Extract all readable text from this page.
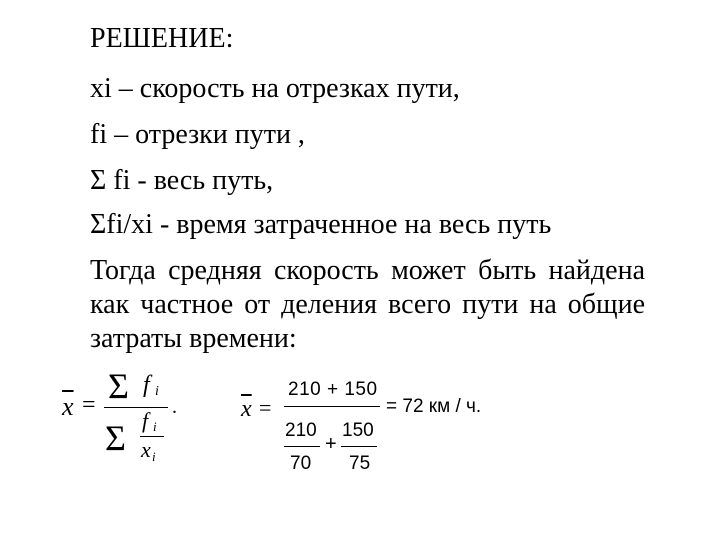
РЕШЕНИЕ:
xi – скорость на отрезках пути,
fi – отрезки пути ,
Σ fi - весь путь,
Σfi/xi - время затраченное на весь путь
Тогда средняя скорость может быть найдена как частное от деления всего пути на общие затраты времени:
$\overline{x} = \Sigma$ f i
Σ f i
x i
.	$\overline{x}$ =
210 + 150
210
70
+
150
75
= 72 км / ч.
